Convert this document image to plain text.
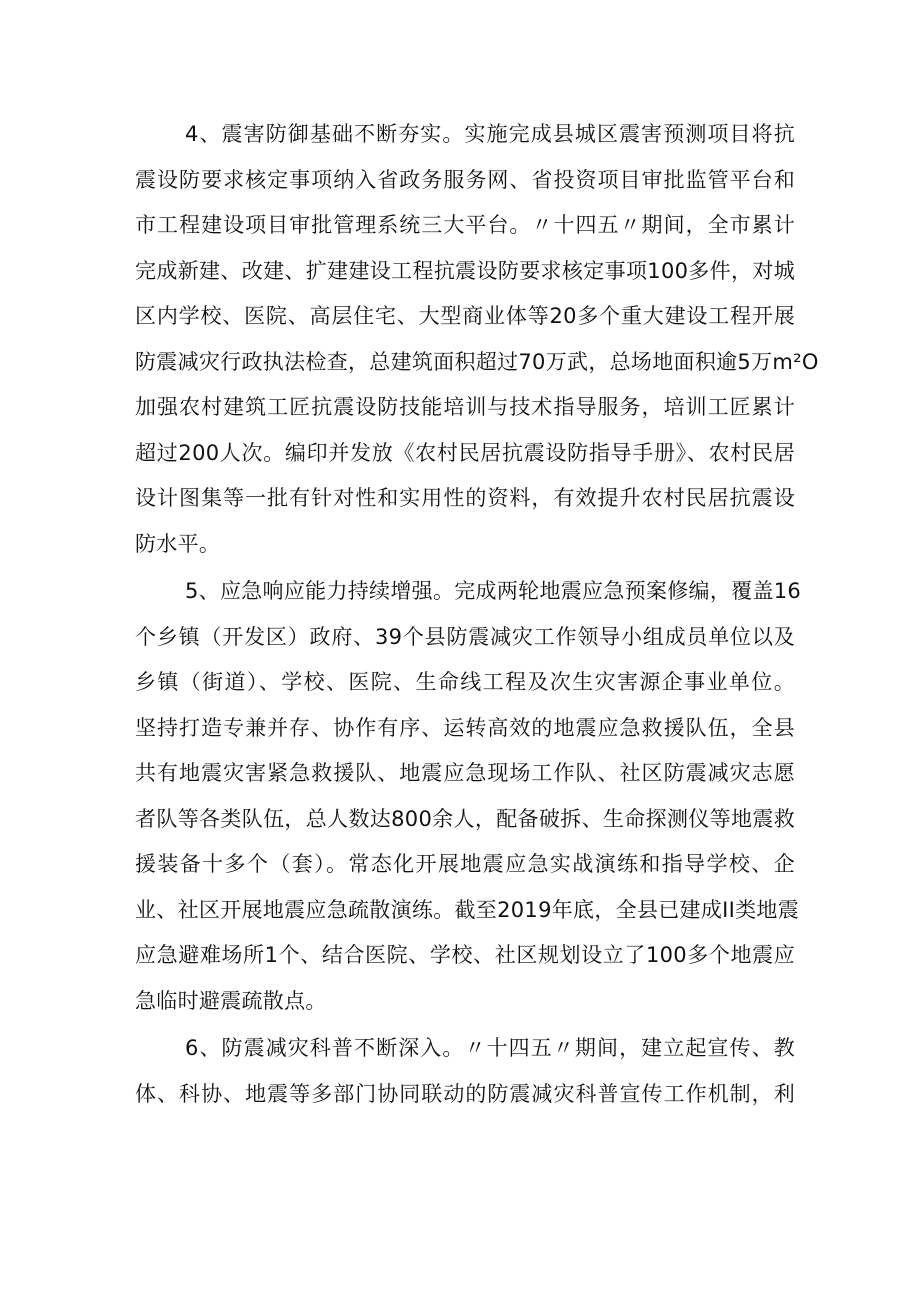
4、震害防御基础不断夯实。实施完成县城区震害预测项目将抗
震设防要求核定事项纳入省政务服务网、省投资项目审批监管平台和
市工程建设项目审批管理系统三大平台。〃十四五〃期间，全市累计
完成新建、改建、扩建建设工程抗震设防要求核定事项100多件，对城
区内学校、医院、高层住宅、大型商业体等20多个重大建设工程开展
防震减灾行政执法检查，总建筑面积超过70万武，总场地面积逾5万m²O
加强农村建筑工匠抗震设防技能培训与技术指导服务，培训工匠累计
超过200人次。编印并发放《农村民居抗震设防指导手册》、农村民居
设计图集等一批有针对性和实用性的资料，有效提升农村民居抗震设
防水平。

5、应急响应能力持续增强。完成两轮地震应急预案修编，覆盖16
个乡镇（开发区）政府、39个县防震减灾工作领导小组成员单位以及
乡镇（街道）、学校、医院、生命线工程及次生灾害源企事业单位。
坚持打造专兼并存、协作有序、运转高效的地震应急救援队伍，全县
共有地震灾害紧急救援队、地震应急现场工作队、社区防震减灾志愿
者队等各类队伍，总人数达800余人，配备破拆、生命探测仪等地震救
援装备十多个（套）。常态化开展地震应急实战演练和指导学校、企
业、社区开展地震应急疏散演练。截至2019年底，全县已建成II类地震
应急避难场所1个、结合医院、学校、社区规划设立了100多个地震应
急临时避震疏散点。

6、防震减灾科普不断深入。〃十四五〃期间，建立起宣传、教
体、科协、地震等多部门协同联动的防震减灾科普宣传工作机制，利
